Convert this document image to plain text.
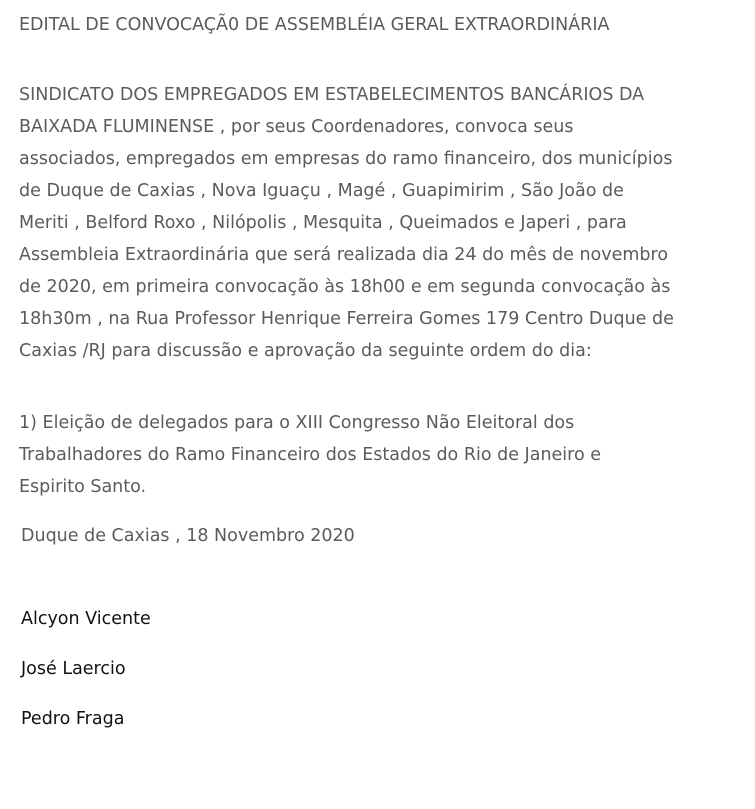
EDITAL DE CONVOCAÇÃ0 DE ASSEMBLÉIA GERAL EXTRAORDINÁRIA

SINDICATO DOS EMPREGADOS EM ESTABELECIMENTOS BANCÁRIOS DA
BAIXADA FLUMINENSE , por seus Coordenadores, convoca seus
associados, empregados em empresas do ramo financeiro, dos municípios
de Duque de Caxias , Nova Iguaçu , Magé , Guapimirim , São João de
Meriti , Belford Roxo , Nilópolis , Mesquita , Queimados e Japeri , para
Assembleia Extraordinária que será realizada dia 24 do mês de novembro
de 2020, em primeira convocação às 18h00 e em segunda convocação às
18h30m , na Rua Professor Henrique Ferreira Gomes 179 Centro Duque de
Caxias /RJ para discussão e aprovação da seguinte ordem do dia:

1) Eleição de delegados para o XIII Congresso Não Eleitoral dos
Trabalhadores do Ramo Financeiro dos Estados do Rio de Janeiro e
Espirito Santo.

Duque de Caxias , 18 Novembro 2020

Alcyon Vicente

José Laercio

Pedro Fraga
